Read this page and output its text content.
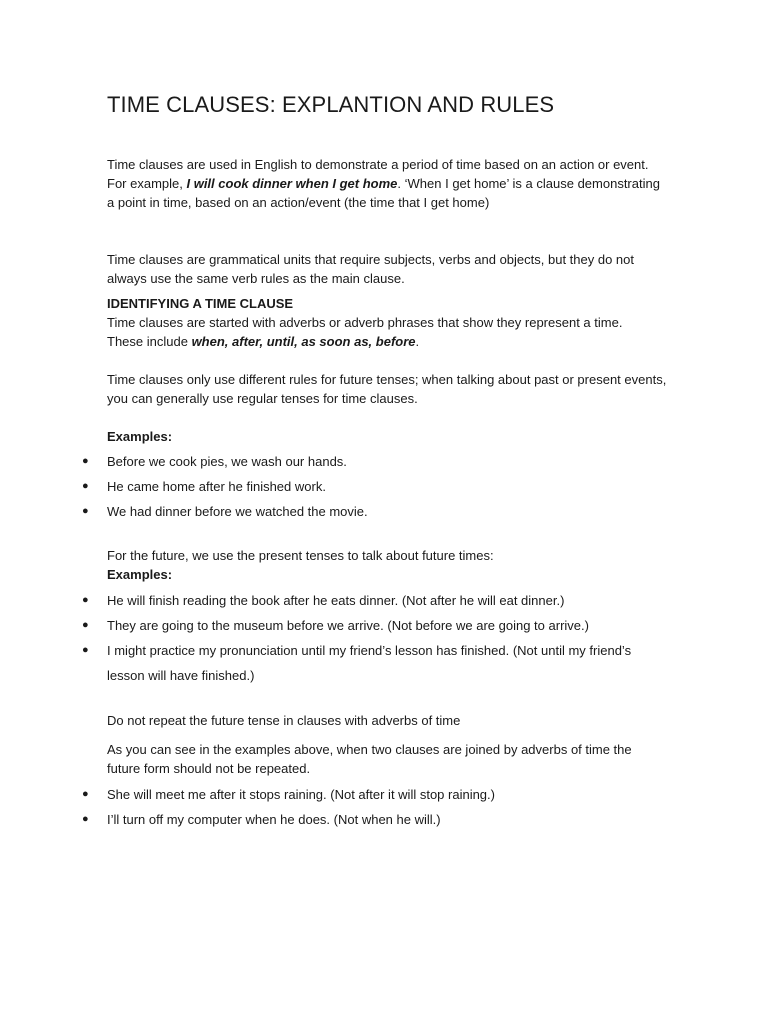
TIME CLAUSES: EXPLANTION AND RULES

Time clauses are used in English to demonstrate a period of time based on an action or event.

For example, I will cook dinner when I get home. ‘When I get home’ is a clause demonstrating a point in time, based on an action/event (the time that I get home)

Time clauses are grammatical units that require subjects, verbs and objects, but they do not always use the same verb rules as the main clause.

IDENTIFYING A TIME CLAUSE

Time clauses are started with adverbs or adverb phrases that show they represent a time.

These include when, after, until, as soon as, before.

Time clauses only use different rules for future tenses; when talking about past or present events, you can generally use regular tenses for time clauses.
Examples:
● Before we cook pies, we wash our hands.
● He came home after he finished work.
● We had dinner before we watched the movie.

For the future, we use the present tenses to talk about future times:

Examples:

● He will finish reading the book after he eats dinner. (Not after he will eat dinner.)
● They are going to the museum before we arrive. (Not before we are going to arrive.)
● I might practice my pronunciation until my friend’s lesson has finished. (Not until my friend’s lesson will have finished.)
Do not repeat the future tense in clauses with adverbs of time
As you can see in the examples above, when two clauses are joined by adverbs of time the future form should not be repeated.
● She will meet me after it stops raining. (Not after it will stop raining.)
● I’ll turn off my computer when he does. (Not when he will.)
